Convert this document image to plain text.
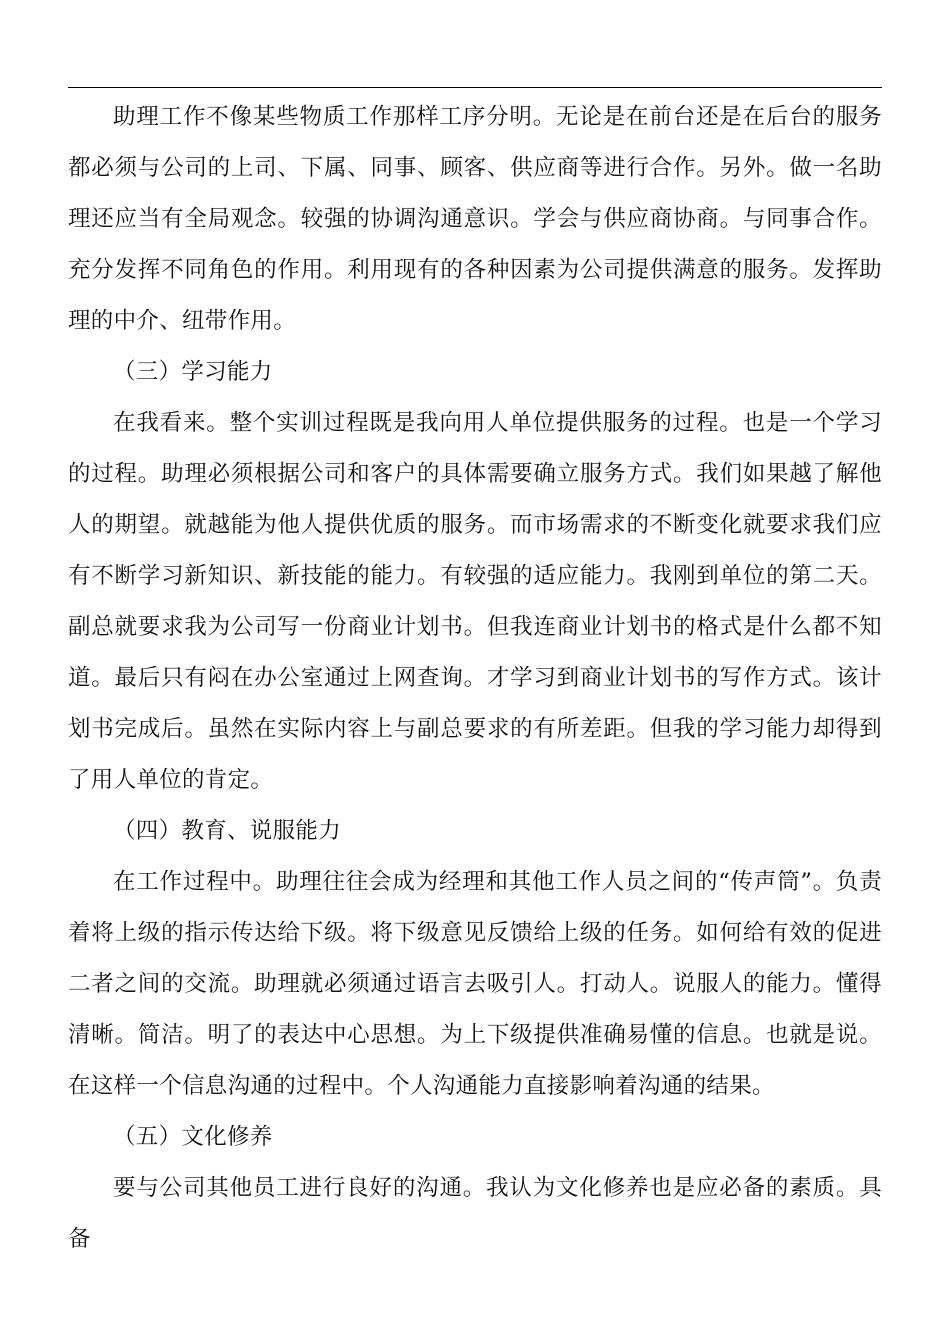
助理工作不像某些物质工作那样工序分明。无论是在前台还是在后台的服务都必须与公司的上司、下属、同事、顾客、供应商等进行合作。另外。做一名助理还应当有全局观念。较强的协调沟通意识。学会与供应商协商。与同事合作。充分发挥不同角色的作用。利用现有的各种因素为公司提供满意的服务。发挥助理的中介、纽带作用。

（三）学习能力

在我看来。整个实训过程既是我向用人单位提供服务的过程。也是一个学习的过程。助理必须根据公司和客户的具体需要确立服务方式。我们如果越了解他人的期望。就越能为他人提供优质的服务。而市场需求的不断变化就要求我们应有不断学习新知识、新技能的能力。有较强的适应能力。我刚到单位的第二天。副总就要求我为公司写一份商业计划书。但我连商业计划书的格式是什么都不知道。最后只有闷在办公室通过上网查询。才学习到商业计划书的写作方式。该计划书完成后。虽然在实际内容上与副总要求的有所差距。但我的学习能力却得到了用人单位的肯定。

（四）教育、说服能力

在工作过程中。助理往往会成为经理和其他工作人员之间的“传声筒”。负责着将上级的指示传达给下级。将下级意见反馈给上级的任务。如何给有效的促进二者之间的交流。助理就必须通过语言去吸引人。打动人。说服人的能力。懂得清晰。简洁。明了的表达中心思想。为上下级提供准确易懂的信息。也就是说。在这样一个信息沟通的过程中。个人沟通能力直接影响着沟通的结果。

（五）文化修养

要与公司其他员工进行良好的沟通。我认为文化修养也是应必备的素质。具备
